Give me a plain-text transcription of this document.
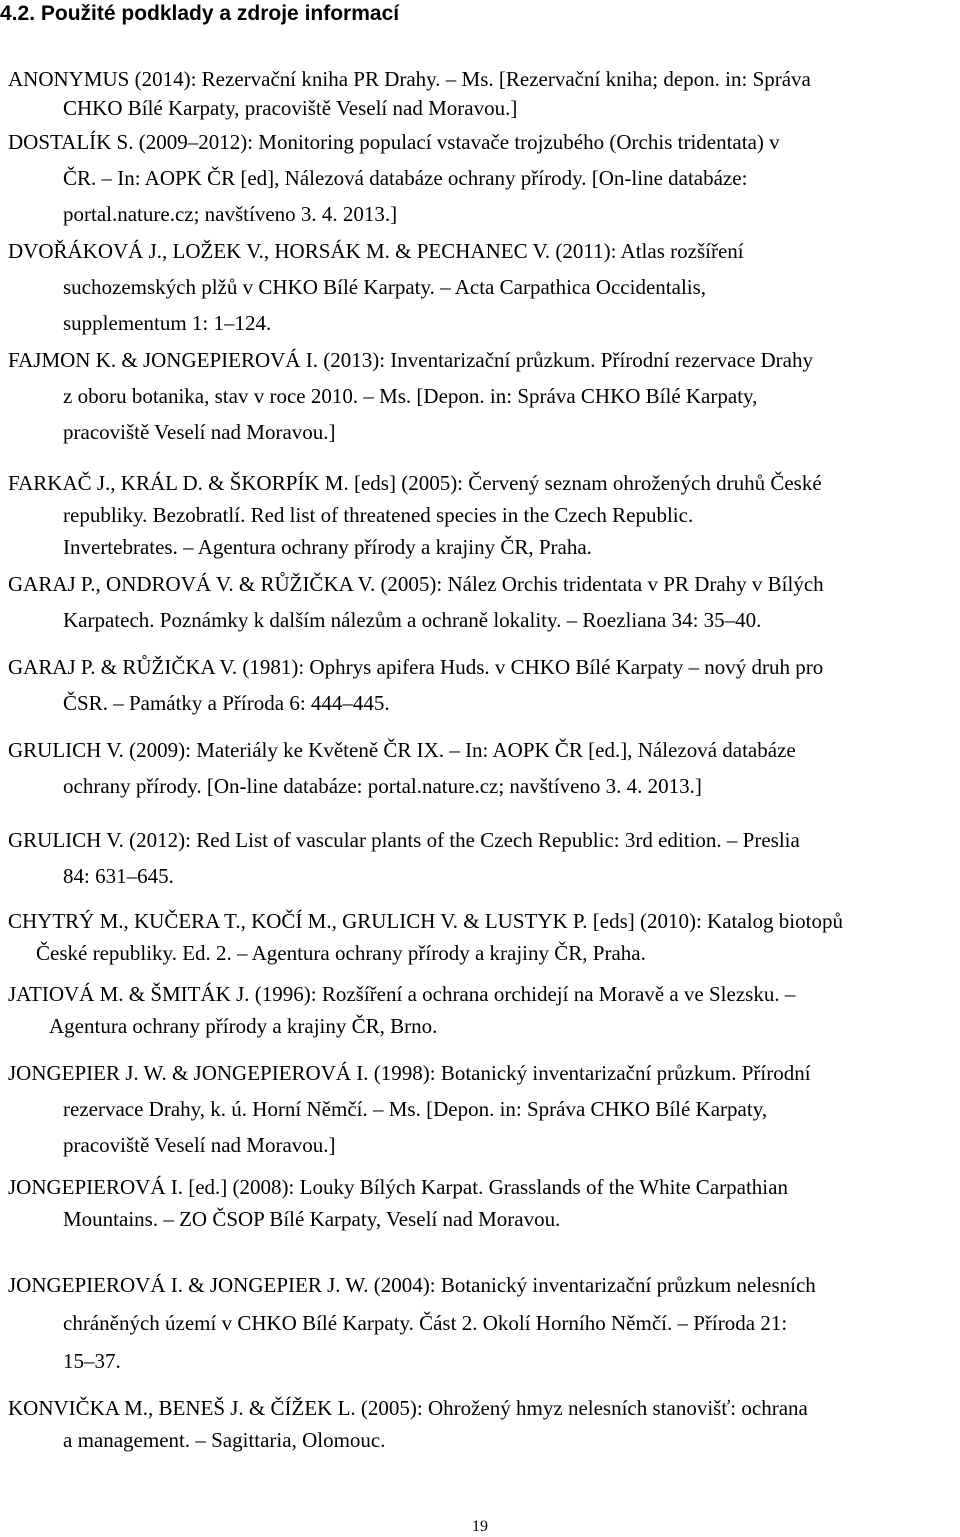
4.2. Použité podklady a zdroje informací
ANONYMUS (2014): Rezervační kniha PR Drahy. – Ms. [Rezervační kniha; depon. in: Správa
CHKO Bílé Karpaty, pracoviště Veselí nad Moravou.]
DOSTALÍK S. (2009–2012): Monitoring populací vstavače trojzubého (Orchis tridentata) v
ČR. – In: AOPK ČR [ed], Nálezová databáze ochrany přírody. [On-line databáze:
portal.nature.cz; navštíveno 3. 4. 2013.]
DVOŘÁKOVÁ J., LOŽEK V., HORSÁK M. & PECHANEC V. (2011): Atlas rozšíření
suchozemských plžů v CHKO Bílé Karpaty. – Acta Carpathica Occidentalis,
supplementum 1: 1–124.
FAJMON K. & JONGEPIEROVÁ I. (2013): Inventarizační průzkum. Přírodní rezervace Drahy
z oboru botanika, stav v roce 2010. – Ms. [Depon. in: Správa CHKO Bílé Karpaty,
pracoviště Veselí nad Moravou.]
FARKAČ J., KRÁL D. & ŠKORPÍK M. [eds] (2005): Červený seznam ohrožených druhů České
republiky. Bezobratlí. Red list of threatened species in the Czech Republic.
Invertebrates. – Agentura ochrany přírody a krajiny ČR, Praha.
GARAJ P., ONDROVÁ V. & RŮŽIČKA V. (2005): Nález Orchis tridentata v PR Drahy v Bílých
Karpatech. Poznámky k dalším nálezům a ochraně lokality. – Roezliana 34: 35–40.
GARAJ P. & RŮŽIČKA V. (1981): Ophrys apifera Huds. v CHKO Bílé Karpaty – nový druh pro
ČSR. – Památky a Příroda 6: 444–445.
GRULICH V. (2009): Materiály ke Květeně ČR IX. – In: AOPK ČR [ed.], Nálezová databáze
ochrany přírody. [On-line databáze: portal.nature.cz; navštíveno 3. 4. 2013.]
GRULICH V. (2012): Red List of vascular plants of the Czech Republic: 3rd edition. – Preslia
84: 631–645.
CHYTRÝ M., KUČERA T., KOČÍ M., GRULICH V. & LUSTYK P. [eds] (2010): Katalog biotopů
České republiky. Ed. 2. – Agentura ochrany přírody a krajiny ČR, Praha.
JATIOVÁ M. & ŠMITÁK J. (1996): Rozšíření a ochrana orchidejí na Moravě a ve Slezsku. –
Agentura ochrany přírody a krajiny ČR, Brno.
JONGEPIER J. W. & JONGEPIEROVÁ I. (1998): Botanický inventarizační průzkum. Přírodní
rezervace Drahy, k. ú. Horní Němčí. – Ms. [Depon. in: Správa CHKO Bílé Karpaty,
pracoviště Veselí nad Moravou.]
JONGEPIEROVÁ I. [ed.] (2008): Louky Bílých Karpat. Grasslands of the White Carpathian
Mountains. – ZO ČSOP Bílé Karpaty, Veselí nad Moravou.
JONGEPIEROVÁ I. & JONGEPIER J. W. (2004): Botanický inventarizační průzkum nelesních
chráněných území v CHKO Bílé Karpaty. Část 2. Okolí Horního Němčí. – Příroda 21:
15–37.
KONVIČKA M., BENEŠ J. & ČÍŽEK L. (2005): Ohrožený hmyz nelesních stanovišť: ochrana
a management. – Sagittaria, Olomouc.
19
